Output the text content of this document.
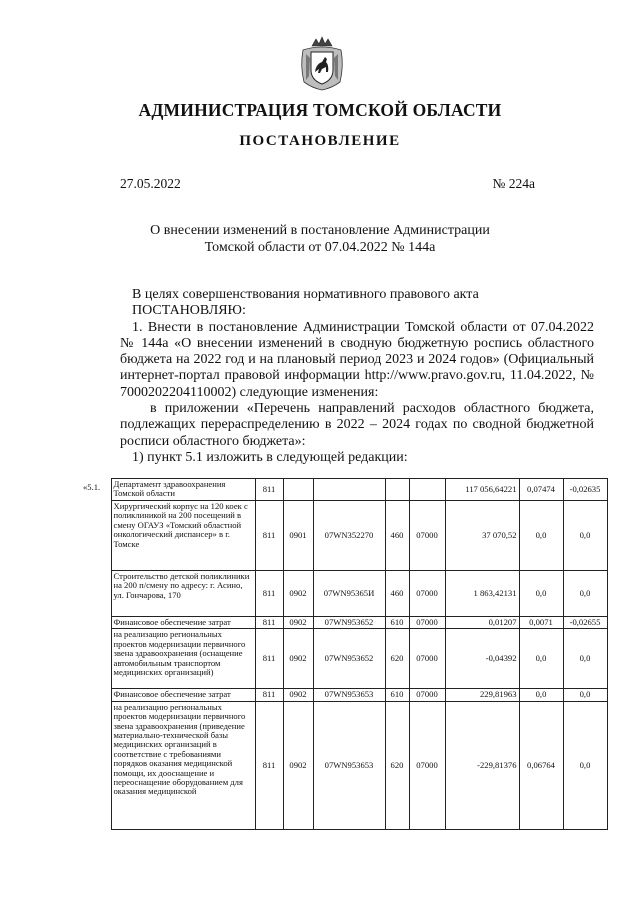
АДМИНИСТРАЦИЯ ТОМСКОЙ ОБЛАСТИ
ПОСТАНОВЛЕНИЕ
27.05.2022	№ 224а
О внесении изменений в постановление Администрации
Томской области от 07.04.2022 № 144а

В целях совершенствования нормативного правового акта

ПОСТАНОВЛЯЮ:

1. Внести в постановление Администрации Томской области от 07.04.2022

№ 144а «О внесении изменений в сводную бюджетную роспись областного бюджета на 2022 год и на плановый период 2023 и 2024 годов» (Официальный интернет-портал правовой информации http://www.pravo.gov.ru, 11.04.2022, № 7000202204110002) следующие изменения:

в приложении «Перечень направлений расходов областного бюджета, подлежащих перераспределению в 2022 – 2024 годах по сводной бюджетной росписи областного бюджета»:

1) пункт 5.1 изложить в следующей редакции:

«5.1.	Департамент здравоохранения Томской области	811					117 056,64221	0,07474	-0,02635
	Хирургический корпус на 120 коек с поликлиникой на 200 посещений в смену ОГАУЗ «Томский областной онкологический диспансер» в г. Томске	811	0901	07WN352270	460	07000	37 070,52	0,0	0,0
	Строительство детской поликлиники на 200 п/смену по адресу: г. Асино, ул. Гончарова, 170	811	0902	07WN95365И	460	07000	1 863,42131	0,0	0,0
	Финансовое обеспечение затрат	811	0902	07WN953652	610	07000	0,01207	0,0071	-0,02655
	на реализацию региональных проектов модернизации первичного звена здравоохранения (оснащение автомобильным транспортом медицинских организаций)	811	0902	07WN953652	620	07000	-0,04392	0,0	0,0
	Финансовое обеспечение затрат	811	0902	07WN953653	610	07000	229,81963	0,0	0,0
	на реализацию региональных проектов модернизации первичного звена здравоохранения (приведение материально-технической базы медицинских организаций в соответствие с требованиями порядков оказания медицинской помощи, их дооснащение и переоснащение оборудованием для оказания медицинской	811	0902	07WN953653	620	07000	-229,81376	0,06764	0,0
